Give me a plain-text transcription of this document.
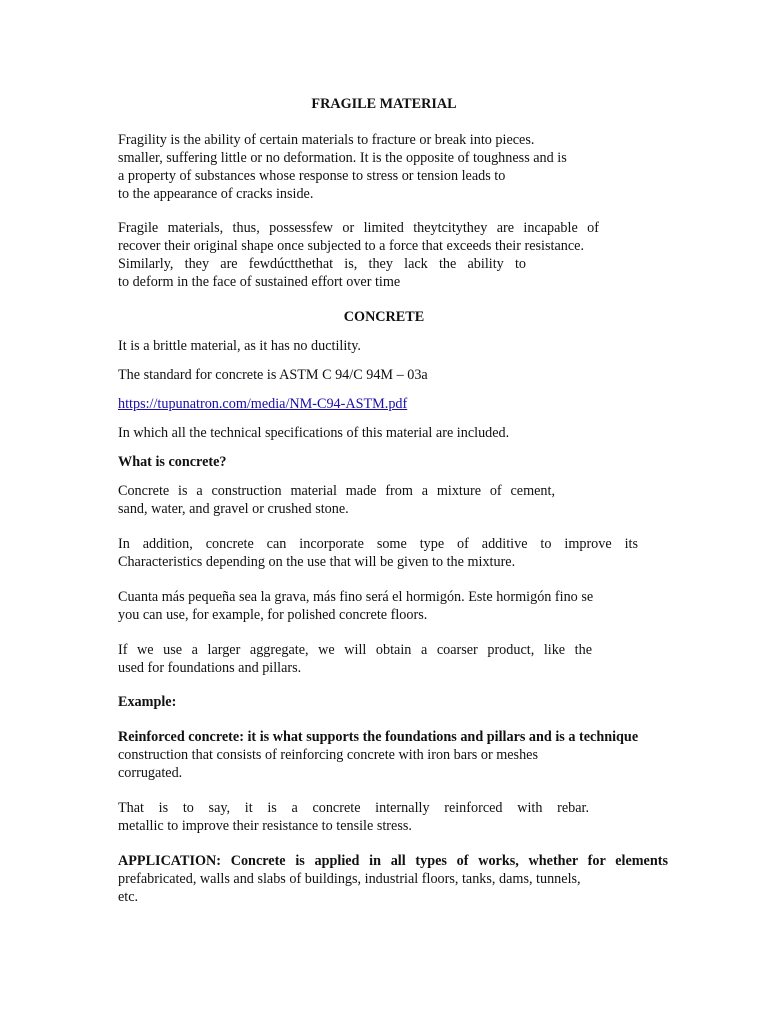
FRAGILE MATERIAL
Fragility is the ability of certain materials to fracture or break into pieces.
smaller, suffering little or no deformation. It is the opposite of toughness and is
a property of substances whose response to stress or tension leads to
to the appearance of cracks inside.
Fragile materials, thus, possessfew or limited theytcitythey are incapable of
recover their original shape once subjected to a force that exceeds their resistance.
Similarly, they are fewdúctthethat is, they lack the ability to
to deform in the face of sustained effort over time
CONCRETE
It is a brittle material, as it has no ductility.
The standard for concrete is ASTM C 94/C 94M – 03a
https://tupunatron.com/media/NM-C94-ASTM.pdf
In which all the technical specifications of this material are included.
What is concrete?
Concrete is a construction material made from a mixture of cement,
sand, water, and gravel or crushed stone.
In addition, concrete can incorporate some type of additive to improve its
Characteristics depending on the use that will be given to the mixture.
Cuanta más pequeña sea la grava, más fino será el hormigón. Este hormigón fino se
you can use, for example, for polished concrete floors.
If we use a larger aggregate, we will obtain a coarser product, like the
used for foundations and pillars.
Example:
Reinforced concrete: it is what supports the foundations and pillars and is a technique
construction that consists of reinforcing concrete with iron bars or meshes
corrugated.
That is to say, it is a concrete internally reinforced with rebar.
metallic to improve their resistance to tensile stress.
APPLICATION: Concrete is applied in all types of works, whether for elements
prefabricated, walls and slabs of buildings, industrial floors, tanks, dams, tunnels,
etc.
